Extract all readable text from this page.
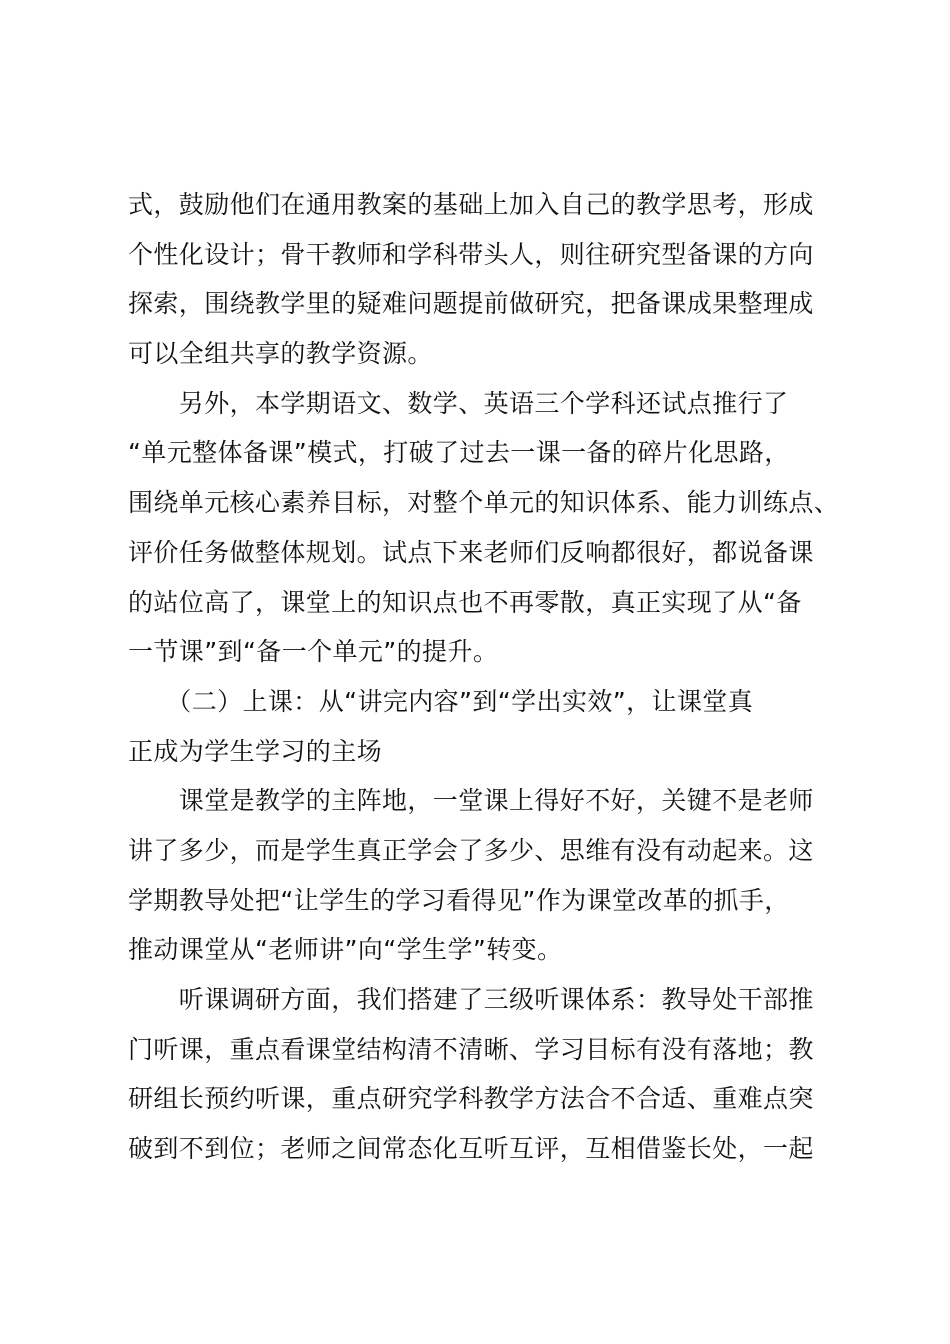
式，鼓励他们在通用教案的基础上加入自己的教学思考，形成
个性化设计；骨干教师和学科带头人，则往研究型备课的方向
探索，围绕教学里的疑难问题提前做研究，把备课成果整理成
可以全组共享的教学资源。
　　另外，本学期语文、数学、英语三个学科还试点推行了
“单元整体备课”模式，打破了过去一课一备的碎片化思路，
围绕单元核心素养目标，对整个单元的知识体系、能力训练点、
评价任务做整体规划。试点下来老师们反响都很好，都说备课
的站位高了，课堂上的知识点也不再零散，真正实现了从“备
一节课”到“备一个单元”的提升。
　　（二）上课：从“讲完内容”到“学出实效”，让课堂真
正成为学生学习的主场
　　课堂是教学的主阵地，一堂课上得好不好，关键不是老师
讲了多少，而是学生真正学会了多少、思维有没有动起来。这
学期教导处把“让学生的学习看得见”作为课堂改革的抓手，
推动课堂从“老师讲”向“学生学”转变。
　　听课调研方面，我们搭建了三级听课体系：教导处干部推
门听课，重点看课堂结构清不清晰、学习目标有没有落地；教
研组长预约听课，重点研究学科教学方法合不合适、重难点突
破到不到位；老师之间常态化互听互评，互相借鉴长处，一起
